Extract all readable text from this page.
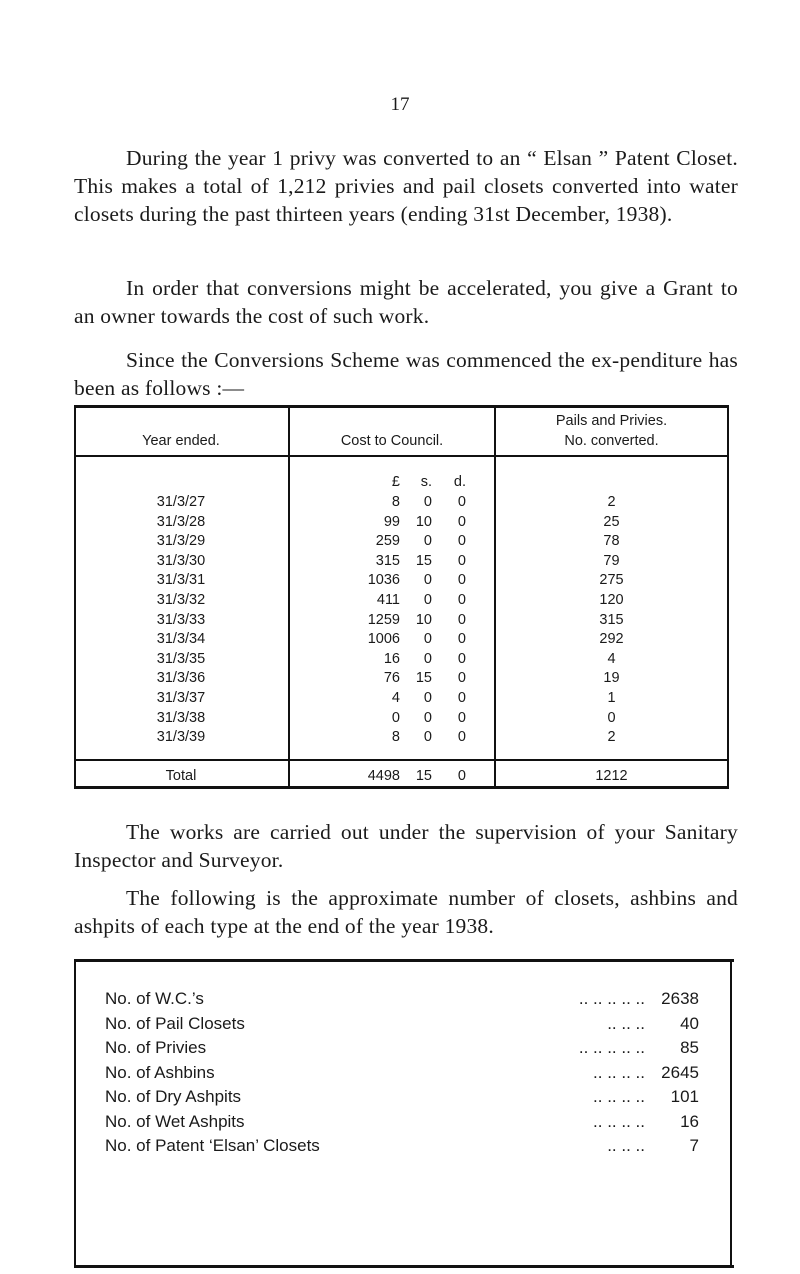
17

During the year 1 privy was converted to an “ Elsan ” Patent Closet. This makes a total of 1,212 privies and pail closets converted into water closets during the past thirteen years (ending 31st December, 1938).

In order that conversions might be accelerated, you give a Grant to an owner towards the cost of such work.

Since the Conversions Scheme was commenced the ex-penditure has been as follows :—

Year ended.	Cost to Council.
Pails and Privies.
No. converted.
£	s.	d.
31/3/27	8	0	0	2
31/3/28	99	10	0	25
31/3/29	259	0	0	78
31/3/30	315	15	0	79
31/3/31	1036	0	0	275
31/3/32	411	0	0	120
31/3/33	1259	10	0	315
31/3/34	1006	0	0	292
31/3/35	16	0	0	4
31/3/36	76	15	0	19
31/3/37	4	0	0	1
31/3/38	0	0	0	0
31/3/39	8	0	0	2
Total	4498	15	0	1212

The works are carried out under the supervision of your Sanitary Inspector and Surveyor.

The following is the approximate number of closets, ashbins and ashpits of each type at the end of the year 1938.

No. of W.C.’s	.. .. .. .. .. 2638
No. of Pail Closets	.. .. ..	40
No. of Privies	.. .. .. .. ..	85
No. of Ashbins	.. .. .. .. 2645
No. of Dry Ashpits	.. .. .. ..	101
No. of Wet Ashpits	.. .. .. ..	16
No. of Patent ‘Elsan’ Closets	.. .. ..	7
